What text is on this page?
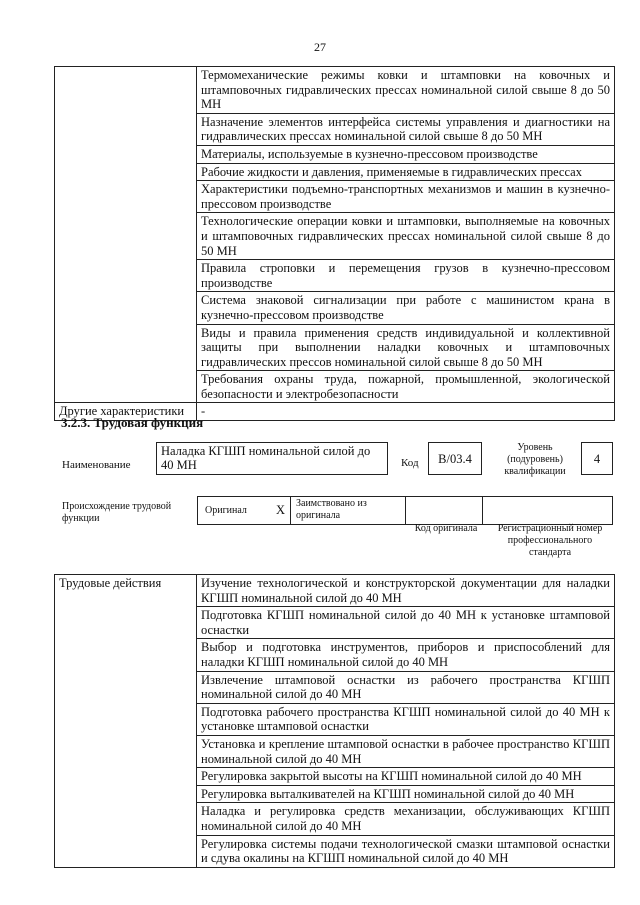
27
	Термомеханические режимы ковки и штамповки на ковочных и штамповочных гидравлических прессах номинальной силой свыше 8 до 50 МН
	Назначение элементов интерфейса системы управления и диагностики на гидравлических прессах номинальной силой свыше 8 до 50 МН
	Материалы, используемые в кузнечно-прессовом производстве
	Рабочие жидкости и давления, применяемые в гидравлических прессах
	Характеристики подъемно-транспортных механизмов и машин в кузнечно-прессовом производстве
	Технологические операции ковки и штамповки, выполняемые на ковочных и штамповочных гидравлических прессах номинальной силой свыше 8 до 50 МН
	Правила строповки и перемещения грузов в кузнечно-прессовом производстве
	Система знаковой сигнализации при работе с машинистом крана в кузнечно-прессовом производстве
	Виды и правила применения средств индивидуальной и коллективной защиты при выполнении наладки ковочных и штамповочных гидравлических прессов номинальной силой свыше 8 до 50 МН
	Требования охраны труда, пожарной, промышленной, экологической безопасности и электробезопасности
Другие характеристики	-
3.2.3. Трудовая функция
Наименование
Наладка КГШП номинальной силой до 40 МН	Код	В/03.4
Уровень (подуровень) квалификации
4
Происхождение трудовой функции
Оригинал X	Заимствовано из оригинала
Код оригинала	Регистрационный номер профессионального стандарта
Трудовые действия	Изучение технологической и конструкторской документации для наладки КГШП номинальной силой до 40 МН
Подготовка КГШП номинальной силой до 40 МН к установке штамповой оснастки
Выбор и подготовка инструментов, приборов и приспособлений для наладки КГШП номинальной силой до 40 МН
Извлечение штамповой оснастки из рабочего пространства КГШП номинальной силой до 40 МН
Подготовка рабочего пространства КГШП номинальной силой до 40 МН к установке штамповой оснастки
Установка и крепление штамповой оснастки в рабочее пространство КГШП номинальной силой до 40 МН
Регулировка закрытой высоты на КГШП номинальной силой до 40 МН
Регулировка выталкивателей на КГШП номинальной силой до 40 МН
Наладка и регулировка средств механизации, обслуживающих КГШП номинальной силой до 40 МН
Регулировка системы подачи технологической смазки штамповой оснастки и сдува окалины на КГШП номинальной силой до 40 МН
